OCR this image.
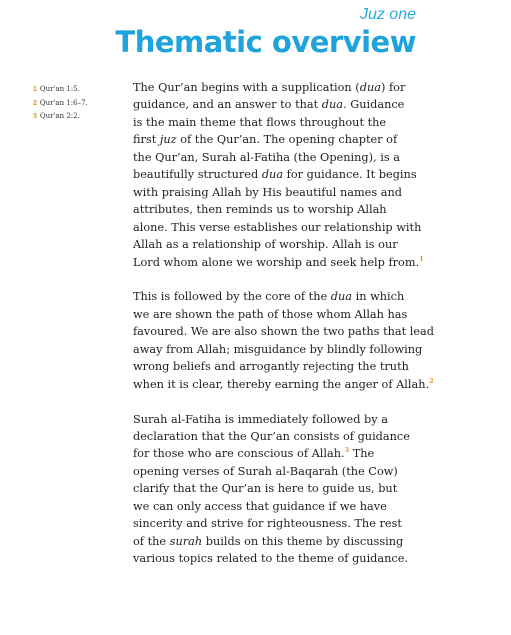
Juz one
Thematic overview
1 Qur'an 1:5.
2 Qur'an 1:6–7.
3 Qur'an 2:2.

The Qur’an begins with a supplication (dua) for
guidance, and an answer to that dua. Guidance
is the main theme that flows throughout the
first juz of the Qur’an. The opening chapter of
the Qur’an, Surah al-Fatiha (the Opening), is a
beautifully structured dua for guidance. It begins
with praising Allah by His beautiful names and
attributes, then reminds us to worship Allah
alone. This verse establishes our relationship with
Allah as a relationship of worship. Allah is our
Lord whom alone we worship and seek help from.$^1$

This is followed by the core of the dua in which
we are shown the path of those whom Allah has
favoured. We are also shown the two paths that lead
away from Allah; misguidance by blindly following
wrong beliefs and arrogantly rejecting the truth
when it is clear, thereby earning the anger of Allah.$^2$

Surah al-Fatiha is immediately followed by a
declaration that the Qur’an consists of guidance
for those who are conscious of Allah.$^3$ The
opening verses of Surah al-Baqarah (the Cow)
clarify that the Qur’an is here to guide us, but
we can only access that guidance if we have
sincerity and strive for righteousness. The rest
of the surah builds on this theme by discussing
various topics related to the theme of guidance.
